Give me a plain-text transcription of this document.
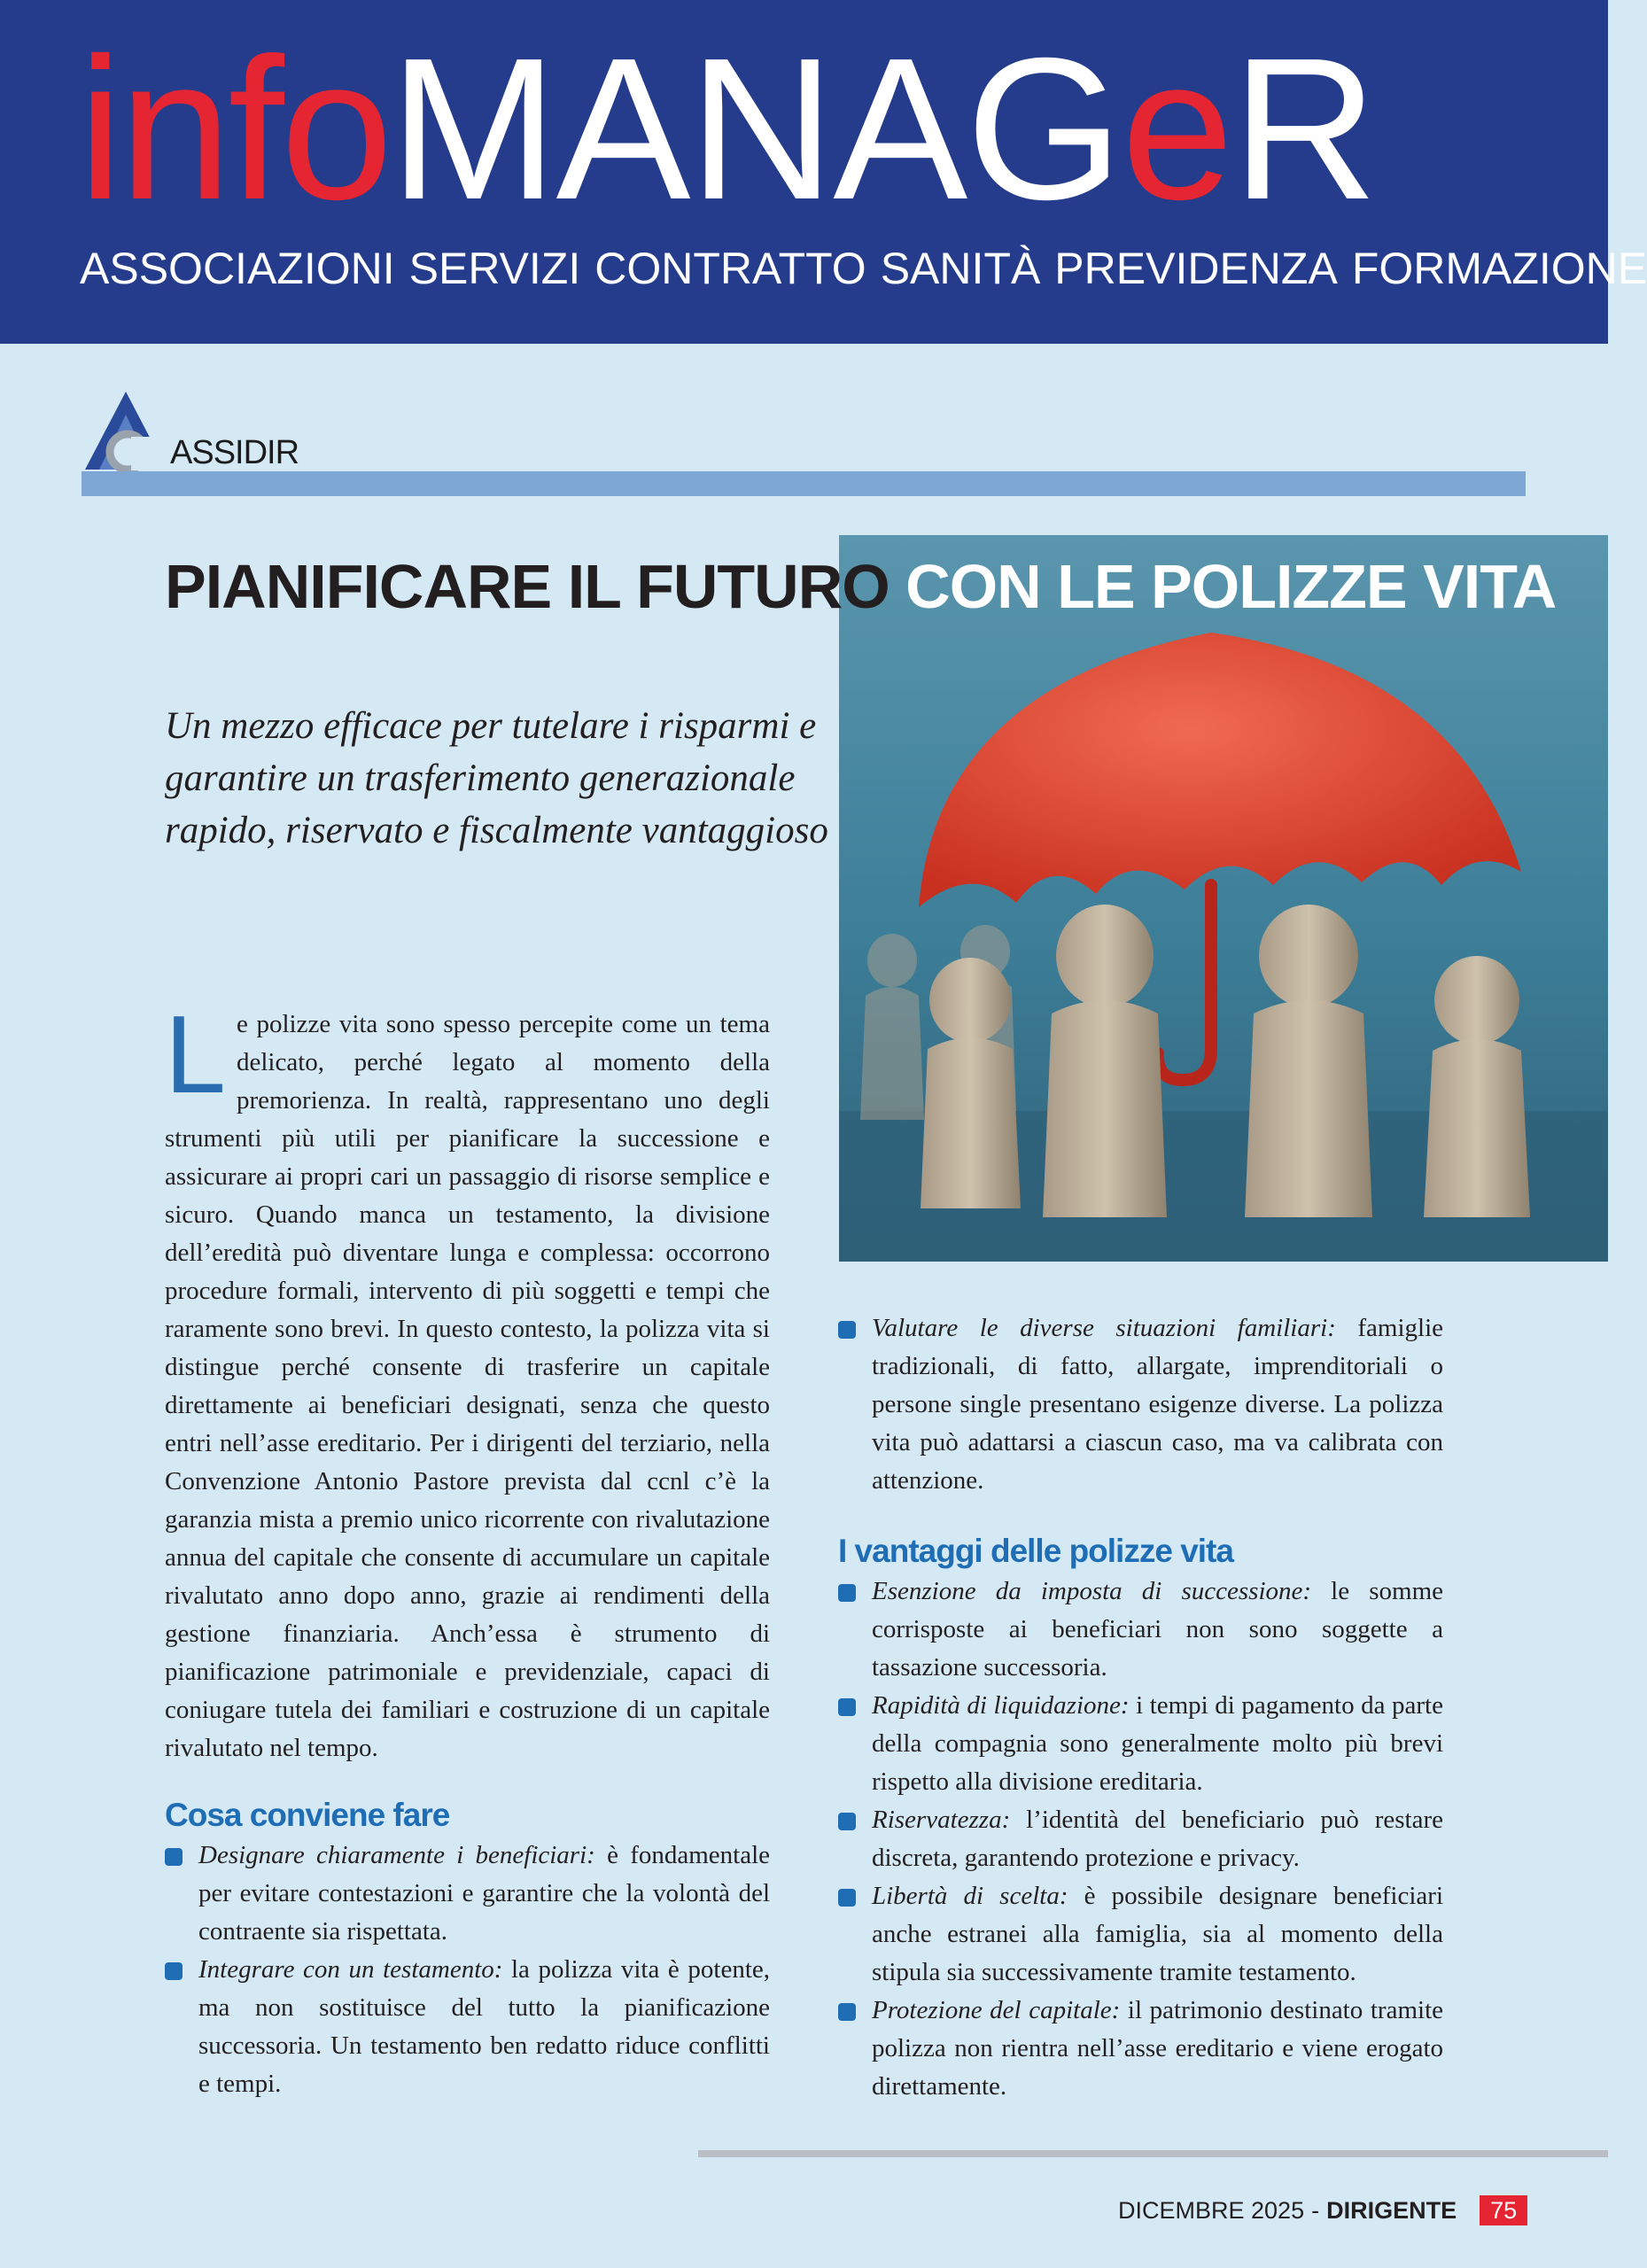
infoMANAGeR
ASSOCIAZIONI SERVIZI CONTRATTO SANITÀ PREVIDENZA FORMAZIONE
ASSIDIR
PIANIFICARE IL FUTURO CON LE POLIZZE VITA

Un mezzo efficace per tutelare i risparmi e garantire un trasferimento generazionale rapido, riservato e fiscalmente vantaggioso

Le polizze vita sono spesso percepite come un tema delicato, perché legato al momento della premorienza. In realtà, rappresentano uno degli strumenti più utili per pianificare la successione e assicurare ai propri cari un passaggio di risorse semplice e sicuro. Quando manca un testamento, la divisione dell’eredità può diventare lunga e complessa: occorrono procedure formali, intervento di più soggetti e tempi che raramente sono brevi. In questo contesto, la polizza vita si distingue perché consente di trasferire un capitale direttamente ai beneficiari designati, senza che questo entri nell’asse ereditario. Per i dirigenti del terziario, nella Convenzione Antonio Pastore prevista dal ccnl c’è la garanzia mista a premio unico ricorrente con rivalutazione annua del capitale che consente di accumulare un capitale rivalutato anno dopo anno, grazie ai rendimenti della gestione finanziaria. Anch’essa è strumento di pianificazione patrimoniale e previdenziale, capaci di coniugare tutela dei familiari e costruzione di un capitale rivalutato nel tempo.

Cosa conviene fare
Designare chiaramente i beneficiari: è fondamentale per evitare contestazioni e garantire che la volontà del contraente sia rispettata.
Integrare con un testamento: la polizza vita è potente, ma non sostituisce del tutto la pianificazione successoria. Un testamento ben redatto riduce conflitti e tempi.
Valutare le diverse situazioni familiari: famiglie tradizionali, di fatto, allargate, imprenditoriali o persone single presentano esigenze diverse. La polizza vita può adattarsi a ciascun caso, ma va calibrata con attenzione.
I vantaggi delle polizze vita
Esenzione da imposta di successione: le somme corrisposte ai beneficiari non sono soggette a tassazione successoria.
Rapidità di liquidazione: i tempi di pagamento da parte della compagnia sono generalmente molto più brevi rispetto alla divisione ereditaria.
Riservatezza: l’identità del beneficiario può restare discreta, garantendo protezione e privacy.
Libertà di scelta: è possibile designare beneficiari anche estranei alla famiglia, sia al momento della stipula sia successivamente tramite testamento.
Protezione del capitale: il patrimonio destinato tramite polizza non rientra nell’asse ereditario e viene erogato direttamente.
DICEMBRE 2025 - DIRIGENTE	75
